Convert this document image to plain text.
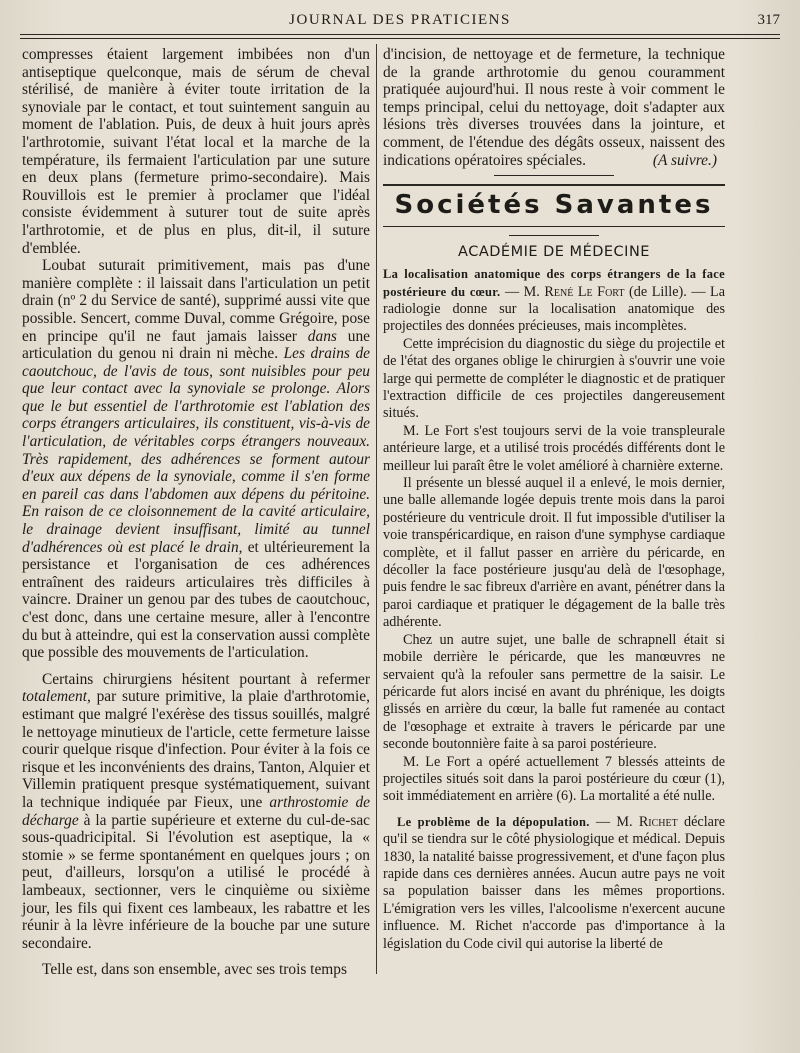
JOURNAL DES PRATICIENS	317

compresses étaient largement imbibées non d'un antiseptique quelconque, mais de sérum de cheval stérilisé, de manière à éviter toute irritation de la synoviale par le contact, et tout suintement sanguin au moment de l'ablation. Puis, de deux à huit jours après l'arthrotomie, suivant l'état local et la marche de la température, ils fermaient l'articulation par une suture en deux plans (fermeture primo-secondaire). Mais Rouvillois est le premier à proclamer que l'idéal consiste évidemment à suturer tout de suite après l'arthrotomie, et de plus en plus, dit-il, il suture d'emblée.

Loubat suturait primitivement, mais pas d'une manière complète : il laissait dans l'articulation un petit drain (nº 2 du Service de santé), supprimé aussi vite que possible. Sencert, comme Duval, comme Grégoire, pose en principe qu'il ne faut jamais laisser dans une articulation du genou ni drain ni mèche. Les drains de caoutchouc, de l'avis de tous, sont nuisibles pour peu que leur contact avec la synoviale se prolonge. Alors que le but essentiel de l'arthrotomie est l'ablation des corps étrangers articulaires, ils constituent, vis-à-vis de l'articulation, de véritables corps étrangers nouveaux. Très rapidement, des adhérences se forment autour d'eux aux dépens de la synoviale, comme il s'en forme en pareil cas dans l'abdomen aux dépens du péritoine. En raison de ce cloisonnement de la cavité articulaire, le drainage devient insuffisant, limité au tunnel d'adhérences où est placé le drain, et ultérieurement la persistance et l'organisation de ces adhérences entraînent des raideurs articulaires très difficiles à vaincre. Drainer un genou par des tubes de caoutchouc, c'est donc, dans une certaine mesure, aller à l'encontre du but à atteindre, qui est la conservation aussi complète que possible des mouvements de l'articulation.

Certains chirurgiens hésitent pourtant à refermer totalement, par suture primitive, la plaie d'arthrotomie, estimant que malgré l'exérèse des tissus souillés, malgré le nettoyage minutieux de l'article, cette fermeture laisse courir quelque risque d'infection. Pour éviter à la fois ce risque et les inconvénients des drains, Tanton, Alquier et Villemin pratiquent presque systématiquement, suivant la technique indiquée par Fieux, une arthrostomie de décharge à la partie supérieure et externe du cul-de-sac sous-quadricipital. Si l'évolution est aseptique, la « stomie » se ferme spontanément en quelques jours ; on peut, d'ailleurs, lorsqu'on a utilisé le procédé à lambeaux, sectionner, vers le cinquième ou sixième jour, les fils qui fixent ces lambeaux, les rabattre et les réunir à la lèvre inférieure de la bouche par une suture secondaire.

Telle est, dans son ensemble, avec ses trois temps

d'incision, de nettoyage et de fermeture, la technique de la grande arthrotomie du genou couramment pratiquée aujourd'hui. Il nous reste à voir comment le temps principal, celui du nettoyage, doit s'adapter aux lésions très diverses trouvées dans la jointure, et comment, de l'étendue des dégâts osseux, naissent des indications opératoires spéciales.	(A suivre.)

Sociétés Savantes
ACADÉMIE DE MÉDECINE

La localisation anatomique des corps étrangers de la face postérieure du cœur. — M. René Le Fort (de Lille). — La radiologie donne sur la localisation anatomique des projectiles des données précieuses, mais incomplètes.

Cette imprécision du diagnostic du siège du projectile et de l'état des organes oblige le chirurgien à s'ouvrir une voie large qui permette de compléter le diagnostic et de pratiquer l'extraction difficile de ces projectiles dangereusement situés.

M. Le Fort s'est toujours servi de la voie transpleurale antérieure large, et a utilisé trois procédés différents dont le meilleur lui paraît être le volet amélioré à charnière externe.

Il présente un blessé auquel il a enlevé, le mois dernier, une balle allemande logée depuis trente mois dans la paroi postérieure du ventricule droit. Il fut impossible d'utiliser la voie transpéricardique, en raison d'une symphyse cardiaque complète, et il fallut passer en arrière du péricarde, en décoller la face postérieure jusqu'au delà de l'œsophage, puis fendre le sac fibreux d'arrière en avant, pénétrer dans la paroi cardiaque et pratiquer le dégagement de la balle très adhérente.

Chez un autre sujet, une balle de schrapnell était si mobile derrière le péricarde, que les manœuvres ne servaient qu'à la refouler sans permettre de la saisir. Le péricarde fut alors incisé en avant du phrénique, les doigts glissés en arrière du cœur, la balle fut ramenée au contact de l'œsophage et extraite à travers le péricarde par une seconde boutonnière faite à sa paroi postérieure.

M. Le Fort a opéré actuellement 7 blessés atteints de projectiles situés soit dans la paroi postérieure du cœur (1), soit immédiatement en arrière (6). La mortalité a été nulle.

Le problème de la dépopulation. — M. Richet déclare qu'il se tiendra sur le côté physiologique et médical. Depuis 1830, la natalité baisse progressivement, et d'une façon plus rapide dans ces dernières années. Aucun autre pays ne voit sa population baisser dans les mêmes proportions. L'émigration vers les villes, l'alcoolisme n'exercent aucune influence. M. Richet n'accorde pas d'importance à la législation du Code civil qui autorise la liberté de
